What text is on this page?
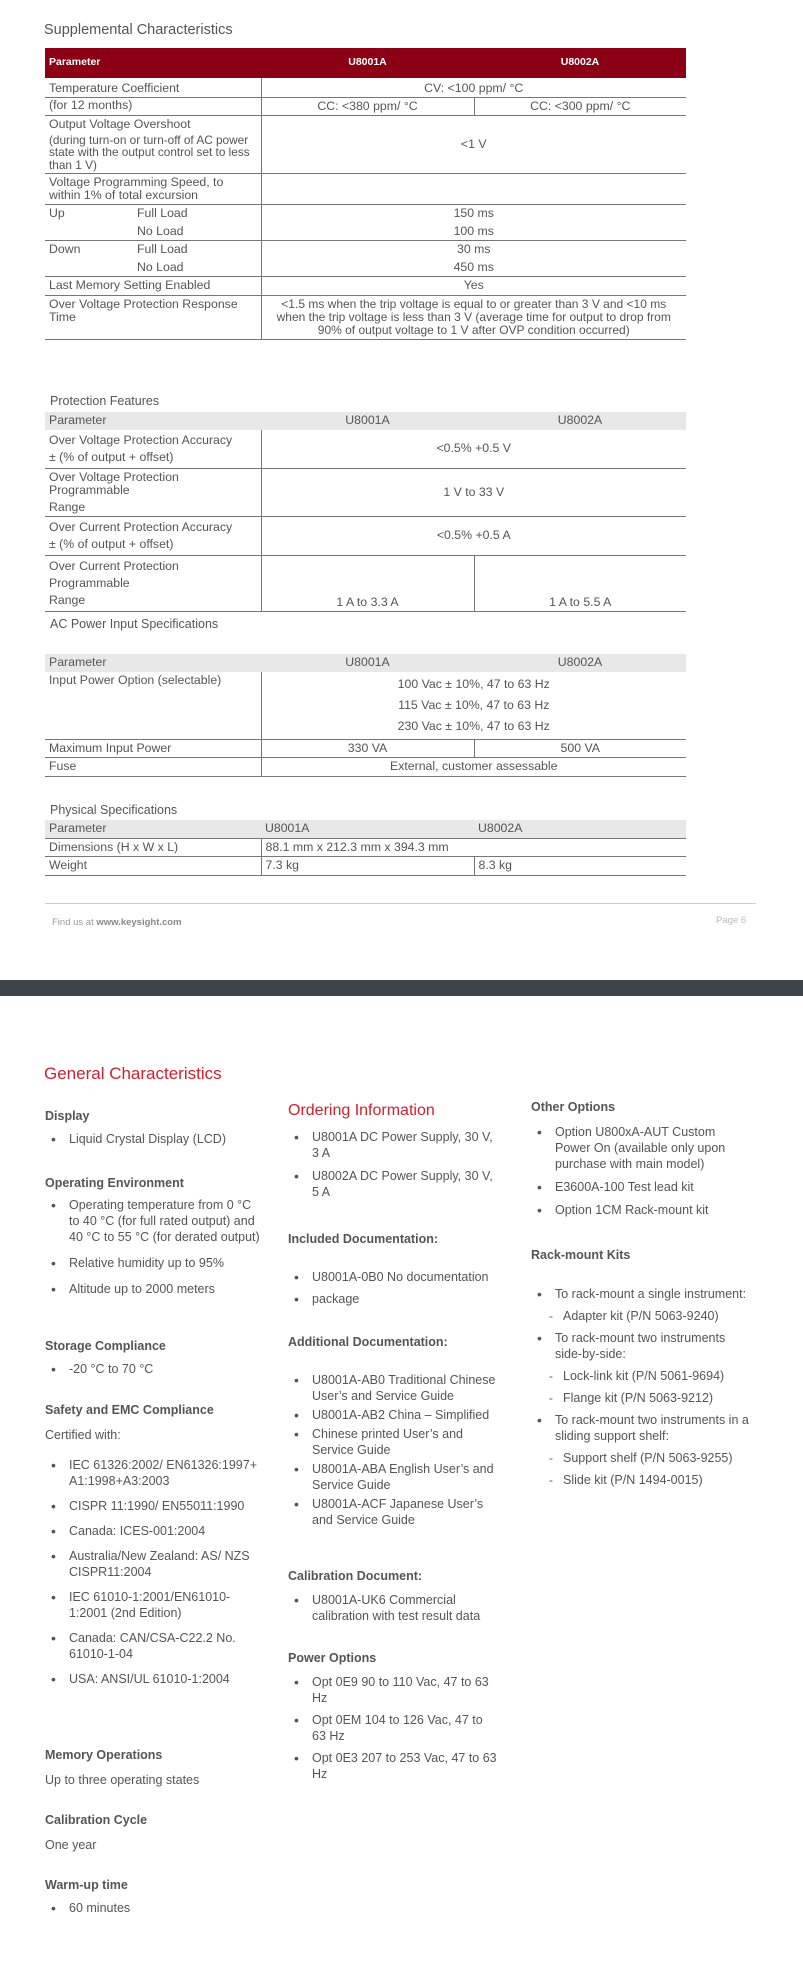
Supplemental Characteristics
Parameter	U8001A	U8002A
Temperature Coefficient	CV: <100 ppm/ °C	
(for 12 months)	CC: <380 ppm/ °C	CC: <300 ppm/ °C

Output Voltage Overshoot
(during turn-on or turn-off of AC power state with the output control set to less than 1 V)	<1 V	
Voltage Programming Speed, to within 1% of total excursion		
Up Full Load	150 ms	
No Load	100 ms	
Down Full Load	30 ms	
No Load	450 ms	
Last Memory Setting Enabled	Yes	
Over Voltage Protection Response Time	<1.5 ms when the trip voltage is equal to or greater than 3 V and <10 ms when the trip voltage is less than 3 V (average time for output to drop from 90% of output voltage to 1 V after OVP condition occurred)	
Protection Features
Parameter	U8001A	U8002A

Over Voltage Protection Accuracy
± (% of output + offset)	<0.5% +0.5 V	

Over Voltage Protection Programmable
Range	1 V to 33 V	

Over Current Protection Accuracy
± (% of output + offset)	<0.5% +0.5 A	

Over Current Protection Programmable
Range	1 A to 3.3 A	1 A to 5.5 A
AC Power Input Specifications
Parameter	U8001A	U8002A
Input Power Option (selectable)	100 Vac ± 10%, 47 to 63 Hz
115 Vac ± 10%, 47 to 63 Hz
230 Vac ± 10%, 47 to 63 Hz	

Maximum Input Power	330 VA	500 VA
Fuse	External, customer assessable	
Physical Specifications
Parameter	U8001A	U8002A
Dimensions (H x W x L)	88.1 mm x 212.3 mm x 394.3 mm	
Weight	7.3 kg	8.3 kg
Find us at www.keysight.com	Page 6
General Characteristics
Display
• Liquid Crystal Display (LCD)
Operating Environment
• Operating temperature from 0 °C to 40 °C (for full rated output) and 40 °C to 55 °C (for derated output)
• Relative humidity up to 95%
• Altitude up to 2000 meters
Storage Compliance
• -20 °C to 70 °C
Safety and EMC Compliance
Certified with:
• IEC 61326:2002/ EN61326:1997+ A1:1998+A3:2003
• CISPR 11:1990/ EN55011:1990
• Canada: ICES-001:2004
• Australia/New Zealand: AS/ NZS CISPR11:2004
• IEC 61010-1:2001/EN61010-1:2001 (2nd Edition)
• Canada: CAN/CSA-C22.2 No. 61010-1-04
• USA: ANSI/UL 61010-1:2004
Memory Operations
Up to three operating states
Calibration Cycle
One year
Warm-up time
• 60 minutes
Ordering Information
• U8001A DC Power Supply, 30 V, 3 A
• U8002A DC Power Supply, 30 V, 5 A
Included Documentation:
• U8001A-0B0 No documentation
• package
Additional Documentation:
• U8001A-AB0 Traditional Chinese User’s and Service Guide
• U8001A-AB2 China – Simplified
• Chinese printed User’s and Service Guide
• U8001A-ABA English User’s and Service Guide
• U8001A-ACF Japanese User’s and Service Guide
Calibration Document:
• U8001A-UK6 Commercial calibration with test result data
Power Options
• Opt 0E9 90 to 110 Vac, 47 to 63 Hz
• Opt 0EM 104 to 126 Vac, 47 to 63 Hz
• Opt 0E3 207 to 253 Vac, 47 to 63 Hz
Other Options
• Option U800xA-AUT Custom Power On (available only upon purchase with main model)
• E3600A-100 Test lead kit
• Option 1CM Rack-mount kit
Rack-mount Kits
• To rack-mount a single instrument:
- Adapter kit (P/N 5063-9240)
• To rack-mount two instruments side-by-side:
- Lock-link kit (P/N 5061-9694)
- Flange kit (P/N 5063-9212)
• To rack-mount two instruments in a sliding support shelf:
- Support shelf (P/N 5063-9255)
- Slide kit (P/N 1494-0015)
